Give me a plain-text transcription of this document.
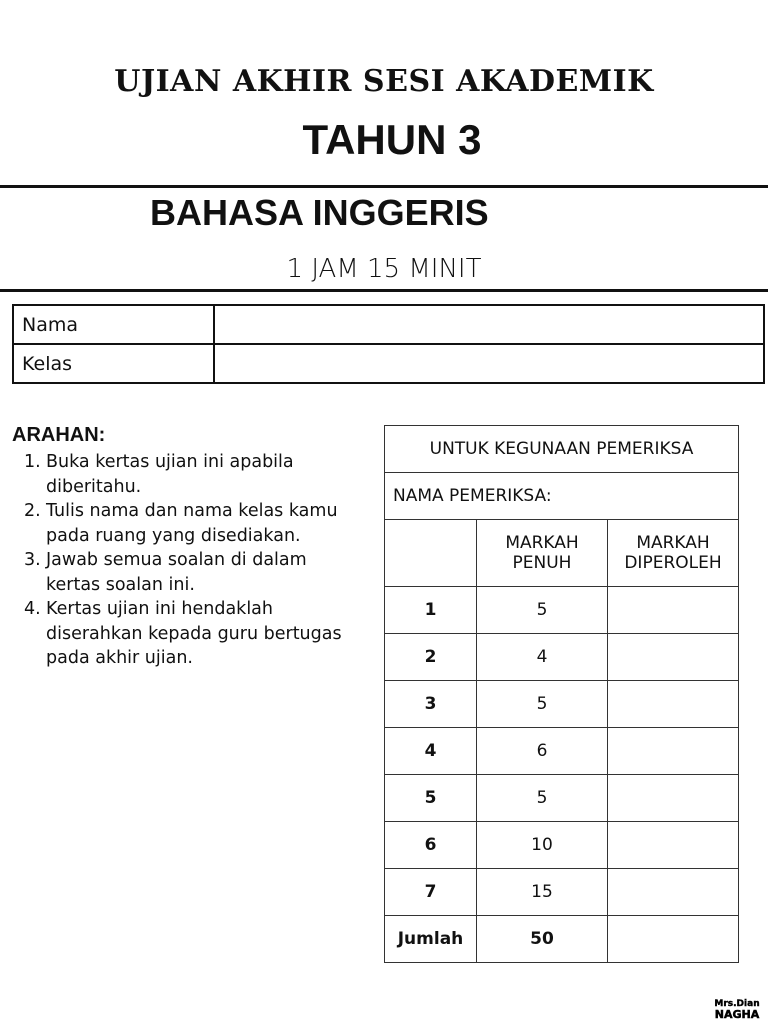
UJIAN AKHIR SESI AKADEMIK
TAHUN 3
BAHASA INGGERIS
1 JAM 15 MINIT
Nama	
Kelas	
ARAHAN:
1. Buka kertas ujian ini apabila diberitahu.
2. Tulis nama dan nama kelas kamu pada ruang yang disediakan.
3. Jawab semua soalan di dalam kertas soalan ini.
4. Kertas ujian ini hendaklah diserahkan kepada guru bertugas pada akhir ujian.
UNTUK KEGUNAAN PEMERIKSA		
NAMA PEMERIKSA:		
	MARKAH PENUH	MARKAH DIPEROLEH
1	5	
2	4	
3	5	
4	6	
5	5	
6	10	
7	15	
Jumlah	50	
Mrs.Dian
NAGHA
